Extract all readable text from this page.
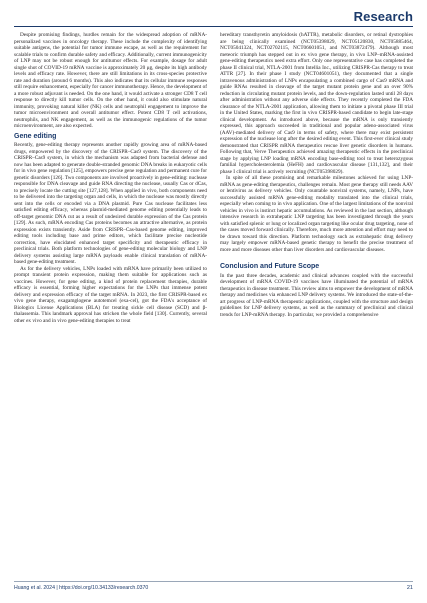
Research

Despite promising findings, hurdles remain for the widespread adoption of mRNA-personalized vaccines in oncology therapy. These include the complexity of identifying suitable antigens, the potential for tumor immune escape, as well as the requirement for scalable trials to confirm durable safety and efficacy. Additionally, current immunogenicity of LNP may not be robust enough for antitumor effects. For example, dosage for adult single shot of COVID-19 mRNA vaccine is approximately 20 μg, despite its high antibody levels and efficacy rate. However, there are still limitations in its cross-species protective rate and duration (around 6 months). This also indicates that its cellular immune responses still require enhancement, especially for cancer immunotherapy. Hence, the development of a more robust adjuvant is needed. On the one hand, it would activate a stronger CD8 T cell response to directly kill tumor cells. On the other hand, it could also stimulate natural immunity, provoking natural killer (NK) cells and neutrophil engagement to improve the tumor microenvironment and overall antitumor effect. Potent CD8 T cell activations, neutrophils, and NK engagement, as well as the immunogenic regulations of the tumor microenvironment, are also expected.

Gene editing

Recently, gene-editing therapy represents another rapidly growing area of mRNA-based drugs, empowered by the discovery of the CRISPR–Cas9 system. The discovery of the CRISPR–Cas9 system, in which the mechanism was adapted from bacterial defense and now has been adapted to generate double-stranded genomic DNA breaks in eukaryotic cells for in vivo gene regulation [125], empowers precise gene regulation and permanent cure for genetic disorders [126]. Two components are involved proactively in gene-editing: nuclease responsible for DNA cleavage and guide RNA directing the nuclease, usually Cas or dCas, to precisely locate the cutting site [127,128]. When applied in vivo, both components need to be delivered into the targeting organ and cells, in which the nuclease was mostly directly sent into the cells or encoded via a DNA plasmid. Pure Cas nuclease facilitates less satisfied editing efficacy, whereas plasmid-mediated genome editing potentially leads to off-target genomic DNA cut as a result of undesired durable expression of the Cas protein [129]. As such, mRNA encoding Cas proteins becomes an attractive alternative, as protein expression exists transiently. Aside from CRISPR–Cas-based genome editing, improved editing tools including base and prime editors, which facilitate precise nucleotide correction, have elucidated enhanced target specificity and therapeutic efficacy in preclinical trials. Both platform technologies of gene-editing molecular biology and LNP delivery systems assisting large mRNA payloads enable clinical translation of mRNA-based gene-editing treatment.

As for the delivery vehicles, LNPs loaded with mRNA have primarily been utilized to prompt transient protein expression, making them suitable for applications such as vaccines. However, for gene editing, a kind of protein replacement therapies, durable efficacy is essential, forming higher expectations for the LNPs that immense potent delivery and expression efficacy of the target mRNA. In 2023, the first CRISPR-based ex vivo gene therapy, exagamglogene autotemcel (exa-cel), got the FDA's acceptance of Biologics License Applications (BLA) for treating sickle cell disease (SCD) and β-thalassemia. This landmark approval has stricken the whole field [130]. Currently, several other ex vivo and in vivo gene-editing therapies to treat

hereditary transthyretin amyloidosis (hATTR), metabolic disorders, or retinal dystrophies are being clinically examined (NCT05398029, NCT05120830, NCT05885464, NCT05041324, NCT02702115, NCT06601051, and NCT03872479). Although most meteoric triumph has stepped out in ex vivo gene therapy, in vivo LNP–mRNA-assisted gene-editing therapeutics need extra effort. Only one representative case has completed the phase II clinical trial, NTLA-2001 from Intellia Inc., utilizing CRISPR-Cas therapy to treat ATTR [27]. In their phase I study (NCT04601051), they documented that a single intravenous administration of LNPs encapsulating a combined cargo of Cas9 mRNA and guide RNAs resulted in cleavage of the target mutant protein gene and an over 90% reduction in circulating mutant protein levels, and the down-regulation lasted until 28 days after administration without any adverse side effects. They recently completed the FDA clearance of the NTLA-2001 application, allowing them to initiate a pivotal phase III trial in the United States, marking the first in vivo CRISPR-based candidate to begin late-stage clinical development. As introduced above, because the mRNA is only transiently expressed, this approach succeeded in traditional and popular adeno-associated virus (AAV)-mediated delivery of Cas9 in terms of safety, where there may exist persistent expression of the nuclease long after the desired editing event. This first-ever clinical study demonstrated that CRISPR mRNA therapeutics rescue liver genetic disorders in humans. Following that, Verve Therapeutics achieved amazing therapeutic effects in the preclinical stage by applying LNP loading mRNA encoding base-editing tool to treat heterozygous familial hypercholesterolemia (HeFH) and cardiovascular disease [131,132], and their phase I clinical trial is actively recruiting (NCT05398029).

In spite of all these promising and remarkable milestones achieved for using LNP-mRNA as gene-editing therapeutics, challenges remain. Most gene therapy still needs AAV or lentivirus as delivery vehicles. Only countable nonviral systems, namely, LNPs, have successfully assisted mRNA gene-editing modality translated into the clinical trials, especially when coming to in vivo application. One of the largest limitations of the nonviral vehicles in vivo is instinct hepatic accumulations. As reviewed in the last section, although intensive research in extrahepatic LNP targeting has been investigated through the years with satisfied splenic or lung or localized organ targeting like ocular drug targeting, none of the cases moved forward clinically. Therefore, much more attention and effort may need to be drawn toward this direction. Platform technology such as extrahepatic drug delivery may largely empower mRNA-based genetic therapy to benefit the precise treatment of more and more diseases other than liver disorders and cardiovascular diseases.

Conclusion and Future Scope

In the past three decades, academic and clinical advances coupled with the successful development of mRNA COVID-19 vaccines have illuminated the potential of mRNA therapeutics in disease treatment. This review aims to empower the development of mRNA therapy and medicines via enhanced LNP delivery systems. We introduced the state-of-the-art progress of LNP-mRNA therapeutic applications, coupled with the structure and design guidelines for LNP delivery systems, as well as the summary of preclinical and clinical trends for LNP-mRNA therapy. In particular, we provided a comprehensive

Huang et al. 2024 | https://doi.org/10.34133/research.0370	21
